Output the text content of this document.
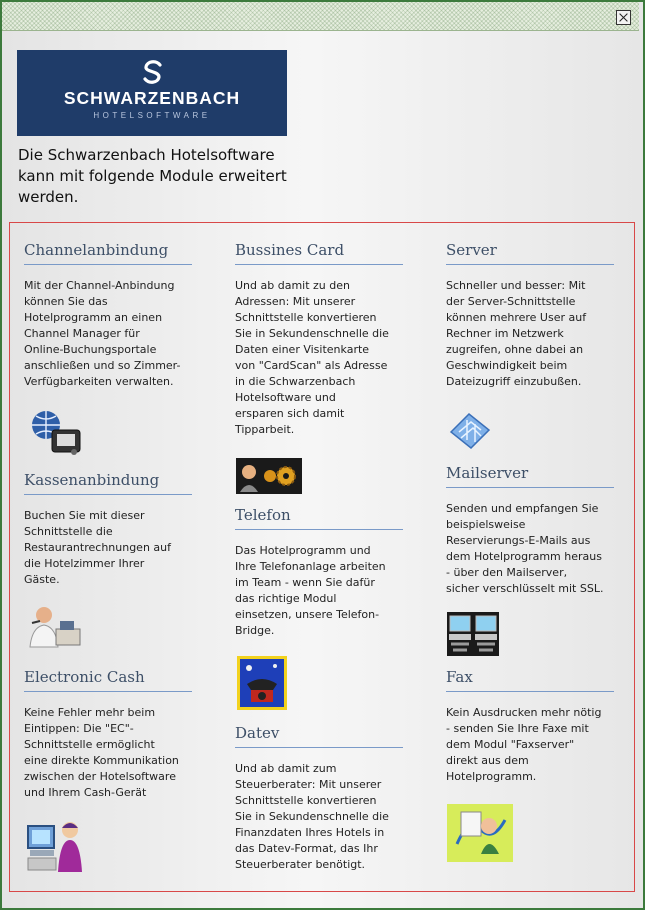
SCHWARZENBACH
HOTELSOFTWARE
Die Schwarzenbach Hotelsoftware kann mit folgende Module erweitert werden.
Channelanbindung
Mit der Channel-Anbindung
können Sie das
Hotelprogramm an einen
Channel Manager für
Online-Buchungsportale
anschließen und so Zimmer-
Verfügbarkeiten verwalten.
Kassenanbindung
Buchen Sie mit dieser
Schnittstelle die
Restaurantrechnungen auf
die Hotelzimmer Ihrer
Gäste.
Electronic Cash
Keine Fehler mehr beim
Eintippen: Die "EC"-
Schnittstelle ermöglicht
eine direkte Kommunikation
zwischen der Hotelsoftware
und Ihrem Cash-Gerät
Bussines Card
Und ab damit zu den
Adressen: Mit unserer
Schnittstelle konvertieren
Sie in Sekundenschnelle die
Daten einer Visitenkarte
von "CardScan" als Adresse
in die Schwarzenbach
Hotelsoftware und
ersparen sich damit
Tipparbeit.
Telefon
Das Hotelprogramm und
Ihre Telefonanlage arbeiten
im Team - wenn Sie dafür
das richtige Modul
einsetzen, unsere Telefon-
Bridge.
Datev
Und ab damit zum
Steuerberater: Mit unserer
Schnittstelle konvertieren
Sie in Sekundenschnelle die
Finanzdaten Ihres Hotels in
das Datev-Format, das Ihr
Steuerberater benötigt.
Server
Schneller und besser: Mit
der Server-Schnittstelle
können mehrere User auf
Rechner im Netzwerk
zugreifen, ohne dabei an
Geschwindigkeit beim
Dateizugriff einzubußen.
Mailserver
Senden und empfangen Sie
beispielsweise
Reservierungs-E-Mails aus
dem Hotelprogramm heraus
- über den Mailserver,
sicher verschlüsselt mit SSL.
Fax
Kein Ausdrucken mehr nötig
- senden Sie Ihre Faxe mit
dem Modul "Faxserver"
direkt aus dem
Hotelprogramm.
